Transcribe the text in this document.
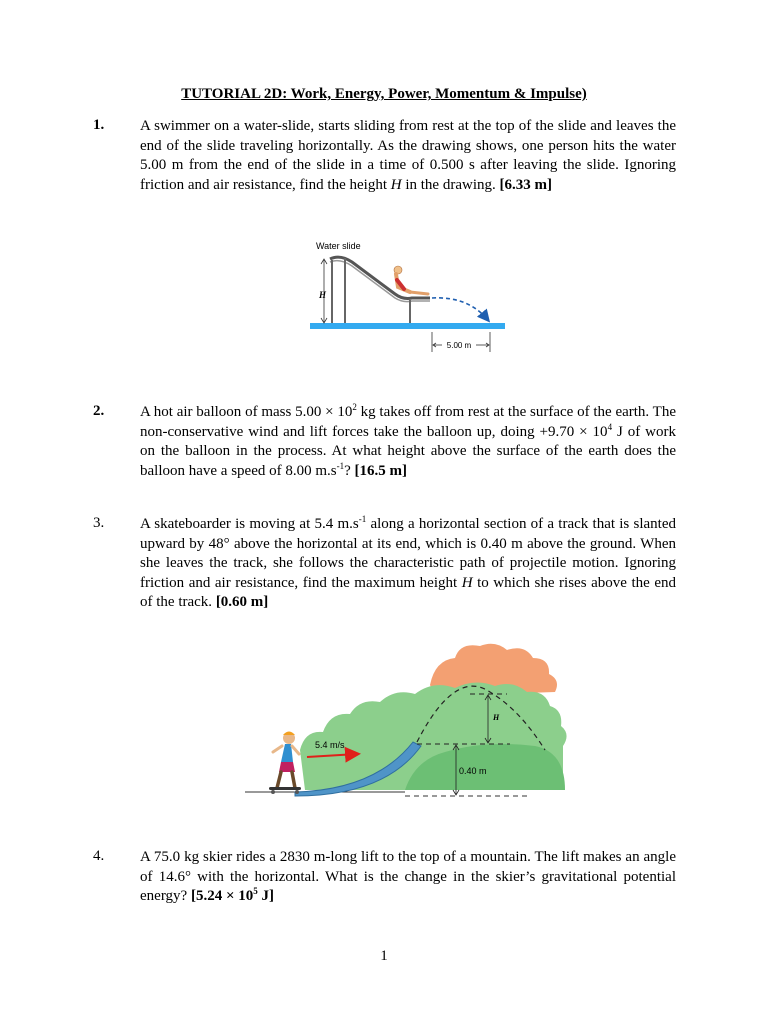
TUTORIAL 2D: Work, Energy, Power, Momentum & Impulse)
1. A swimmer on a water-slide, starts sliding from rest at the top of the slide and leaves the end of the slide traveling horizontally. As the drawing shows, one person hits the water 5.00 m from the end of the slide in a time of 0.500 s after leaving the slide. Ignoring friction and air resistance, find the height H in the drawing. [6.33 m]
Water slide
H
5.00 m
2. A hot air balloon of mass $5.00 \times 10^2$ kg takes off from rest at the surface of the earth. The non-conservative wind and lift forces take the balloon up, doing $+9.70 \times 10^4$ J of work on the balloon in the process. At what height above the surface of the earth does the balloon have a speed of 8.00 $m.s^{-1}$? [16.5 m]
3. A skateboarder is moving at 5.4 $m.s^{-1}$ along a horizontal section of a track that is slanted upward by 48° above the horizontal at its end, which is 0.40 m above the ground. When she leaves the track, she follows the characteristic path of projectile motion. Ignoring friction and air resistance, find the maximum height H to which she rises above the end of the track. [0.60 m]
H
0.40 m
5.4 m/s
4. A 75.0 kg skier rides a 2830 m-long lift to the top of a mountain. The lift makes an angle of 14.6° with the horizontal. What is the change in the skier’s gravitational potential energy? [$5.24 \times 10^5$ J]
1
